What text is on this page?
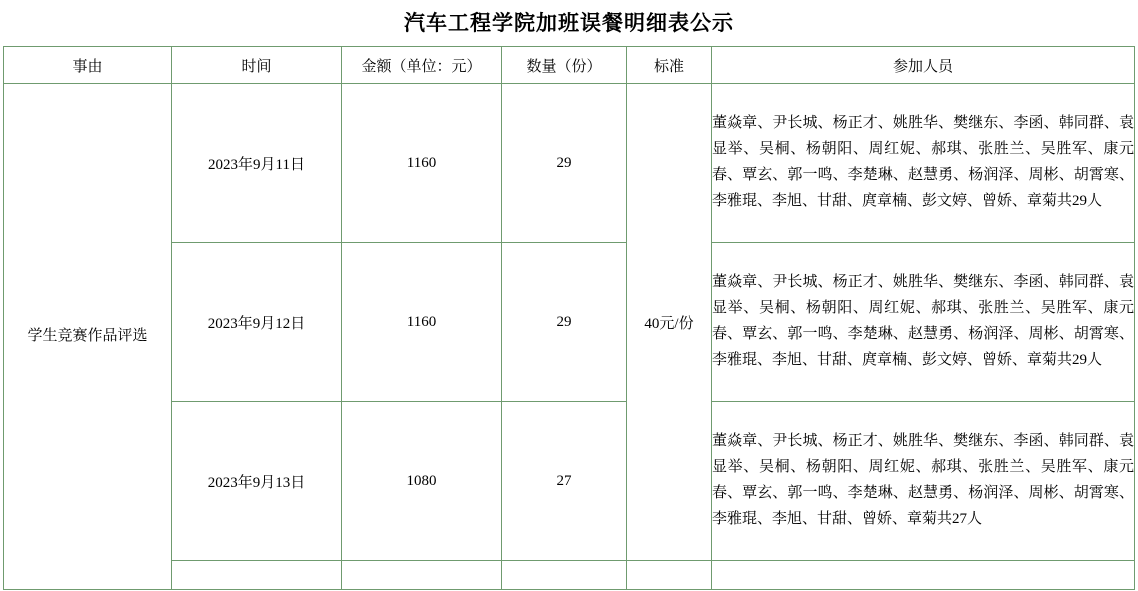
汽车工程学院加班误餐明细表公示
事由	时间	金额（单位：元）	数量（份）	标准	参加人员
学生竞赛作品评选	2023年9月11日	1160	29	40元/份	董焱章、尹长城、杨正才、姚胜华、樊继东、李函、韩同群、袁显举、吴桐、杨朝阳、周红妮、郝琪、张胜兰、吴胜军、康元春、覃玄、郭一鸣、李楚琳、赵慧勇、杨润泽、周彬、胡霄寒、李雅琨、李旭、甘甜、庹章楠、彭文婷、曾娇、章菊共29人
	2023年9月12日	1160	29		董焱章、尹长城、杨正才、姚胜华、樊继东、李函、韩同群、袁显举、吴桐、杨朝阳、周红妮、郝琪、张胜兰、吴胜军、康元春、覃玄、郭一鸣、李楚琳、赵慧勇、杨润泽、周彬、胡霄寒、李雅琨、李旭、甘甜、庹章楠、彭文婷、曾娇、章菊共29人
	2023年9月13日	1080	27		董焱章、尹长城、杨正才、姚胜华、樊继东、李函、韩同群、袁显举、吴桐、杨朝阳、周红妮、郝琪、张胜兰、吴胜军、康元春、覃玄、郭一鸣、李楚琳、赵慧勇、杨润泽、周彬、胡霄寒、李雅琨、李旭、甘甜、曾娇、章菊共27人
